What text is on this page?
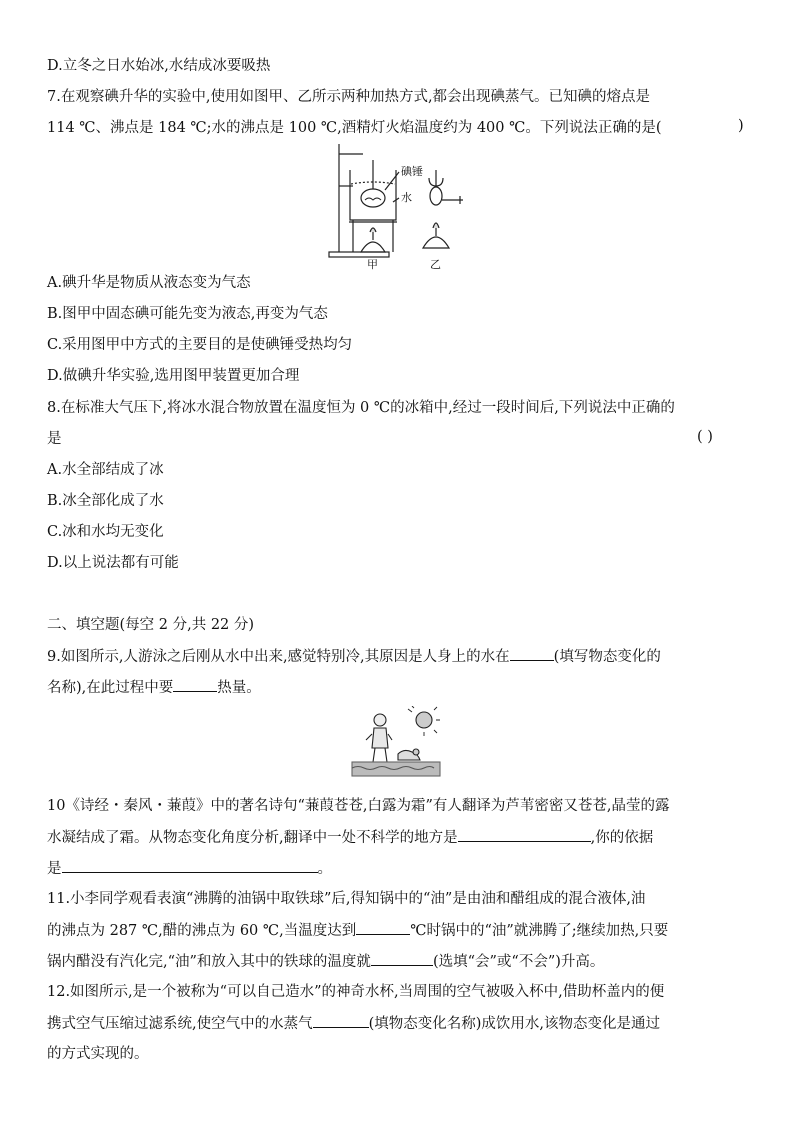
D.立冬之日水始冰,水结成冰要吸热
7.在观察碘升华的实验中,使用如图甲、乙所示两种加热方式,都会出现碘蒸气。已知碘的熔点是
114 ℃、沸点是 184 ℃;水的沸点是 100 ℃,酒精灯火焰温度约为 400 ℃。下列说法正确的是(	)
碘锤
水
甲	乙
A.碘升华是物质从液态变为气态
B.图甲中固态碘可能先变为液态,再变为气态
C.采用图甲中方式的主要目的是使碘锤受热均匀
D.做碘升华实验,选用图甲装置更加合理
8.在标准大气压下,将冰水混合物放置在温度恒为 0 ℃的冰箱中,经过一段时间后,下列说法中正确的
是	( )
A.水全部结成了冰
B.冰全部化成了水
C.冰和水均无变化
D.以上说法都有可能
二、填空题(每空 2 分,共 22 分)
9.如图所示,人游泳之后刚从水中出来,感觉特别冷,其原因是人身上的水在	(填写物态变化的
名称),在此过程中要	热量。
10《诗经・秦风・蒹葭》中的著名诗句“蒹葭苍苍,白露为霜”有人翻译为芦苇密密又苍苍,晶莹的露
水凝结成了霜。从物态变化角度分析,翻译中一处不科学的地方是	,你的依据
是	。
11.小李同学观看表演“沸腾的油锅中取铁球”后,得知锅中的“油”是由油和醋组成的混合液体,油
的沸点为 287 ℃,醋的沸点为 60 ℃,当温度达到	℃时锅中的“油”就沸腾了;继续加热,只要
锅内醋没有汽化完,“油”和放入其中的铁球的温度就	(选填“会”或“不会”)升高。
12.如图所示,是一个被称为“可以自己造水”的神奇水杯,当周围的空气被吸入杯中,借助杯盖内的便
携式空气压缩过滤系统,使空气中的水蒸气	(填物态变化名称)成饮用水,该物态变化是通过
的方式实现的。
